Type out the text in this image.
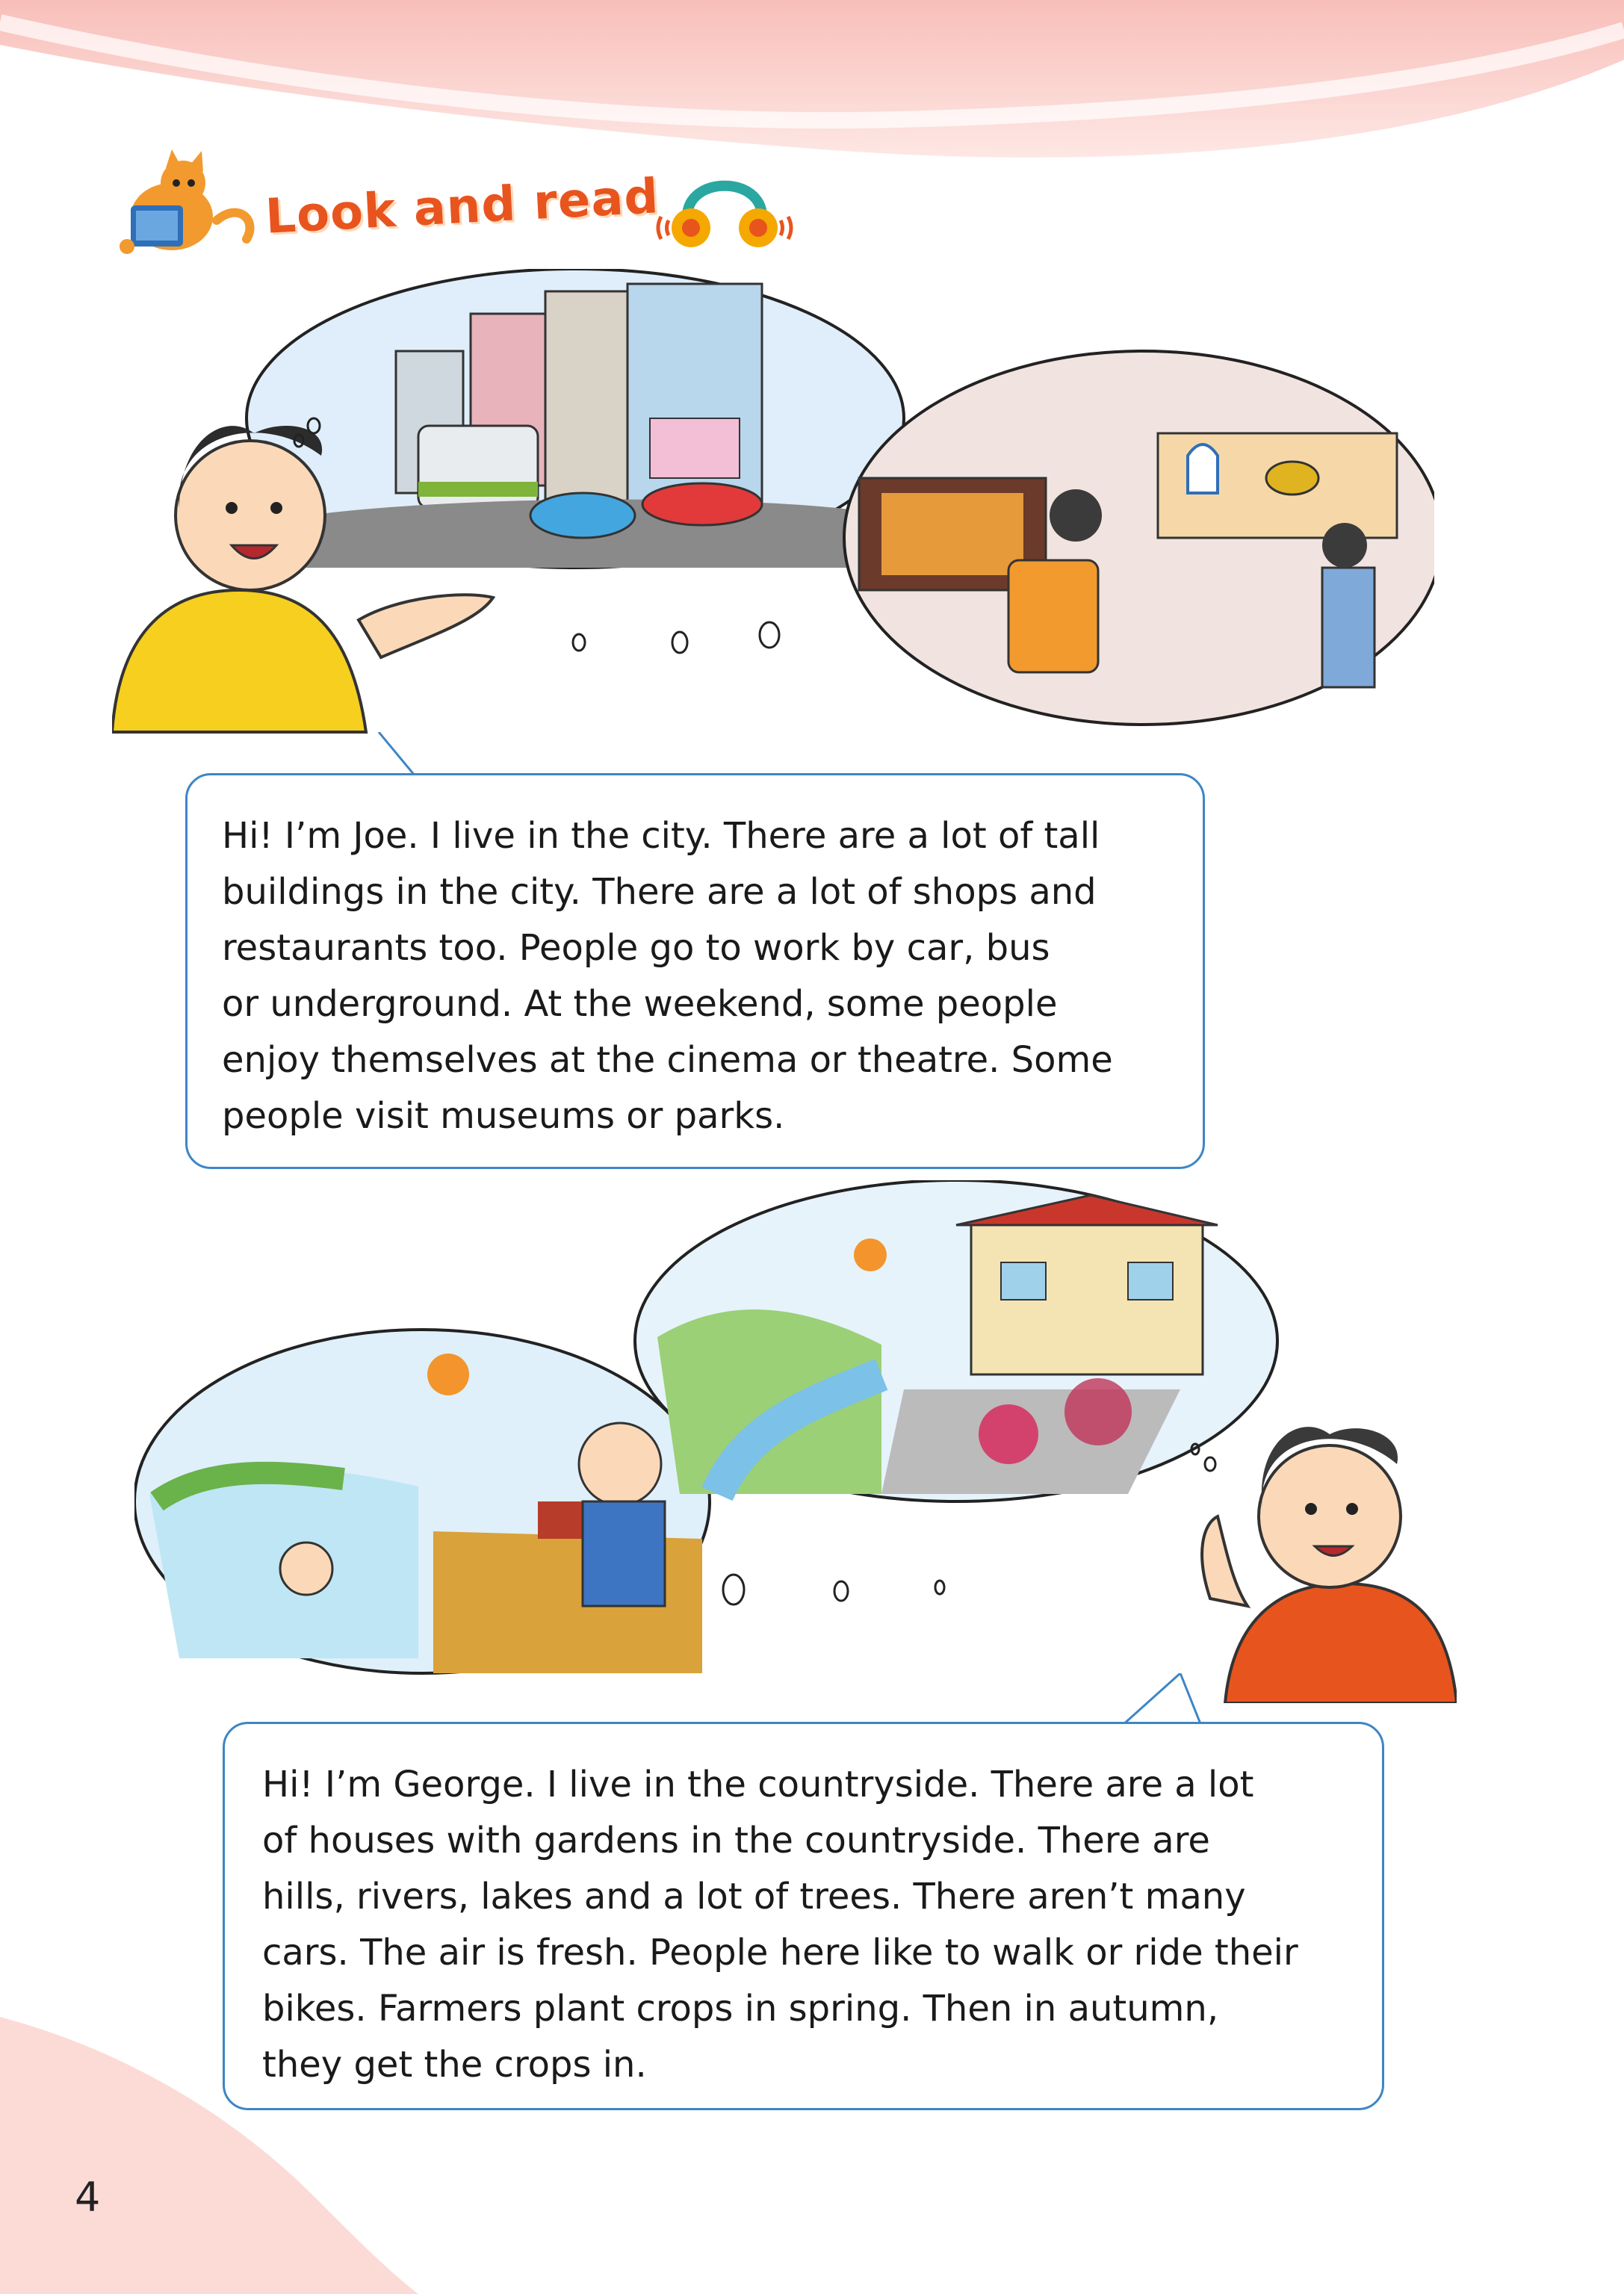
Look and read

Hi! I’m Joe. I live in the city. There are a lot of tall
buildings in the city. There are a lot of shops and
restaurants too. People go to work by car, bus
or underground. At the weekend, some people
enjoy themselves at the cinema or theatre. Some
people visit museums or parks.

Hi! I’m George. I live in the countryside. There are a lot
of houses with gardens in the countryside. There are
hills, rivers, lakes and a lot of trees. There aren’t many
cars. The air is fresh. People here like to walk or ride their
bikes. Farmers plant crops in spring. Then in autumn,
they get the crops in.

4
